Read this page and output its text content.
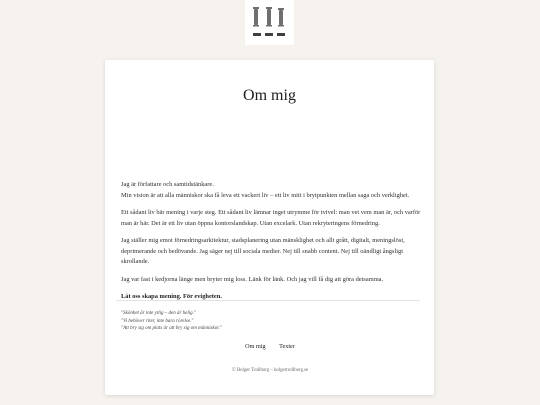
Om mig

Jag är författare och samtidstänkare.
Min vision är att alla människor ska få leva ett vackert liv – ett liv mitt i brytpunkten mellan saga och verklighet.

Ett sådant liv bär mening i varje steg. Ett sådant liv lämnar inget utrymme för tvivel: man vet vem man är, och varför man är här. Det är ett liv utan öppna kontorslandskap. Utan excelark. Utan rekryteringens förnedring.

Jag ställer mig emot förnedringsarkitektur, stadsplanering utan mänsklighet och allt grått, digitalt, meningslöst, deprimerande och bedövande. Jag säger nej till sociala medier. Nej till snabb content. Nej till oändligt ångsligt skrollande.

Jag var fast i kedjorna länge men bryter mig loss. Länk för länk. Och jag vill få dig att göra detsamma.

Låt oss skapa mening. För evigheten.

"Skönhet är inte ytlig – den är helig."
"Vi behöver riter, inte bara rörelse."
"Att bry sig om plats är att bry sig om människor."
Om mig Texter
© Holger Trollborg – holgertrollborg.se
